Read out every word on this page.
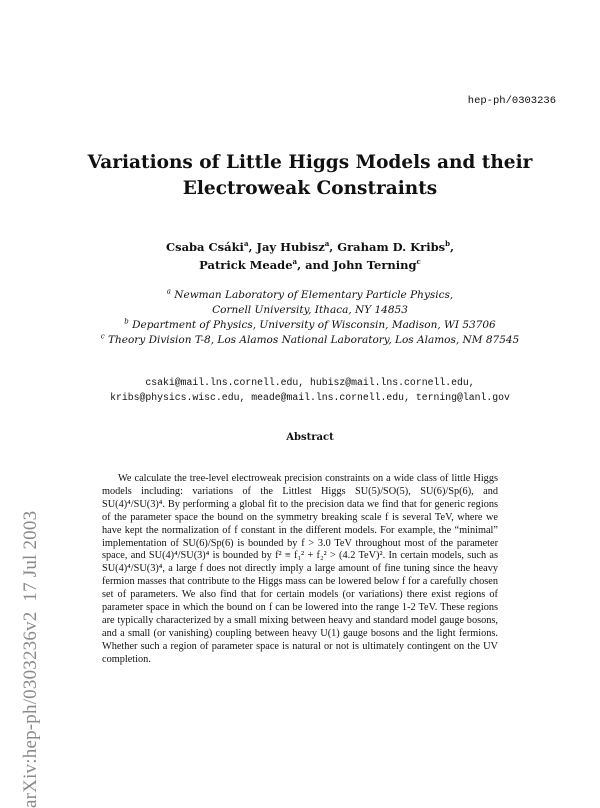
arXiv:hep-ph/0303236v2  17 Jul 2003
hep-ph/0303236
Variations of Little Higgs Models and their
Electroweak Constraints
Csaba Csáki$^a$, Jay Hubisz$^a$, Graham D. Kribs$^b$,
Patrick Meade$^a$, and John Terning$^c$
$^a$ Newman Laboratory of Elementary Particle Physics,
Cornell University, Ithaca, NY 14853
$^b$ Department of Physics, University of Wisconsin, Madison, WI 53706
$^c$ Theory Division T-8, Los Alamos National Laboratory, Los Alamos, NM 87545
csaki@mail.lns.cornell.edu, hubisz@mail.lns.cornell.edu,
kribs@physics.wisc.edu, meade@mail.lns.cornell.edu, terning@lanl.gov
Abstract
We calculate the tree-level electroweak precision constraints on a wide class of little Higgs models including: variations of the Littlest Higgs SU(5)/SO(5), SU(6)/Sp(6), and SU(4)⁴/SU(3)⁴. By performing a global fit to the precision data we find that for generic regions of the parameter space the bound on the symmetry breaking scale f is several TeV, where we have kept the normalization of f constant in the different models. For example, the “minimal” implementation of SU(6)/Sp(6) is bounded by f > 3.0 TeV throughout most of the parameter space, and SU(4)⁴/SU(3)⁴ is bounded by f² ≡ f₁² + f₂² > (4.2 TeV)². In certain models, such as SU(4)⁴/SU(3)⁴, a large f does not directly imply a large amount of fine tuning since the heavy fermion masses that contribute to the Higgs mass can be lowered below f for a carefully chosen set of parameters. We also find that for certain models (or variations) there exist regions of parameter space in which the bound on f can be lowered into the range 1-2 TeV. These regions are typically characterized by a small mixing between heavy and standard model gauge bosons, and a small (or vanishing) coupling between heavy U(1) gauge bosons and the light fermions. Whether such a region of parameter space is natural or not is ultimately contingent on the UV completion.
